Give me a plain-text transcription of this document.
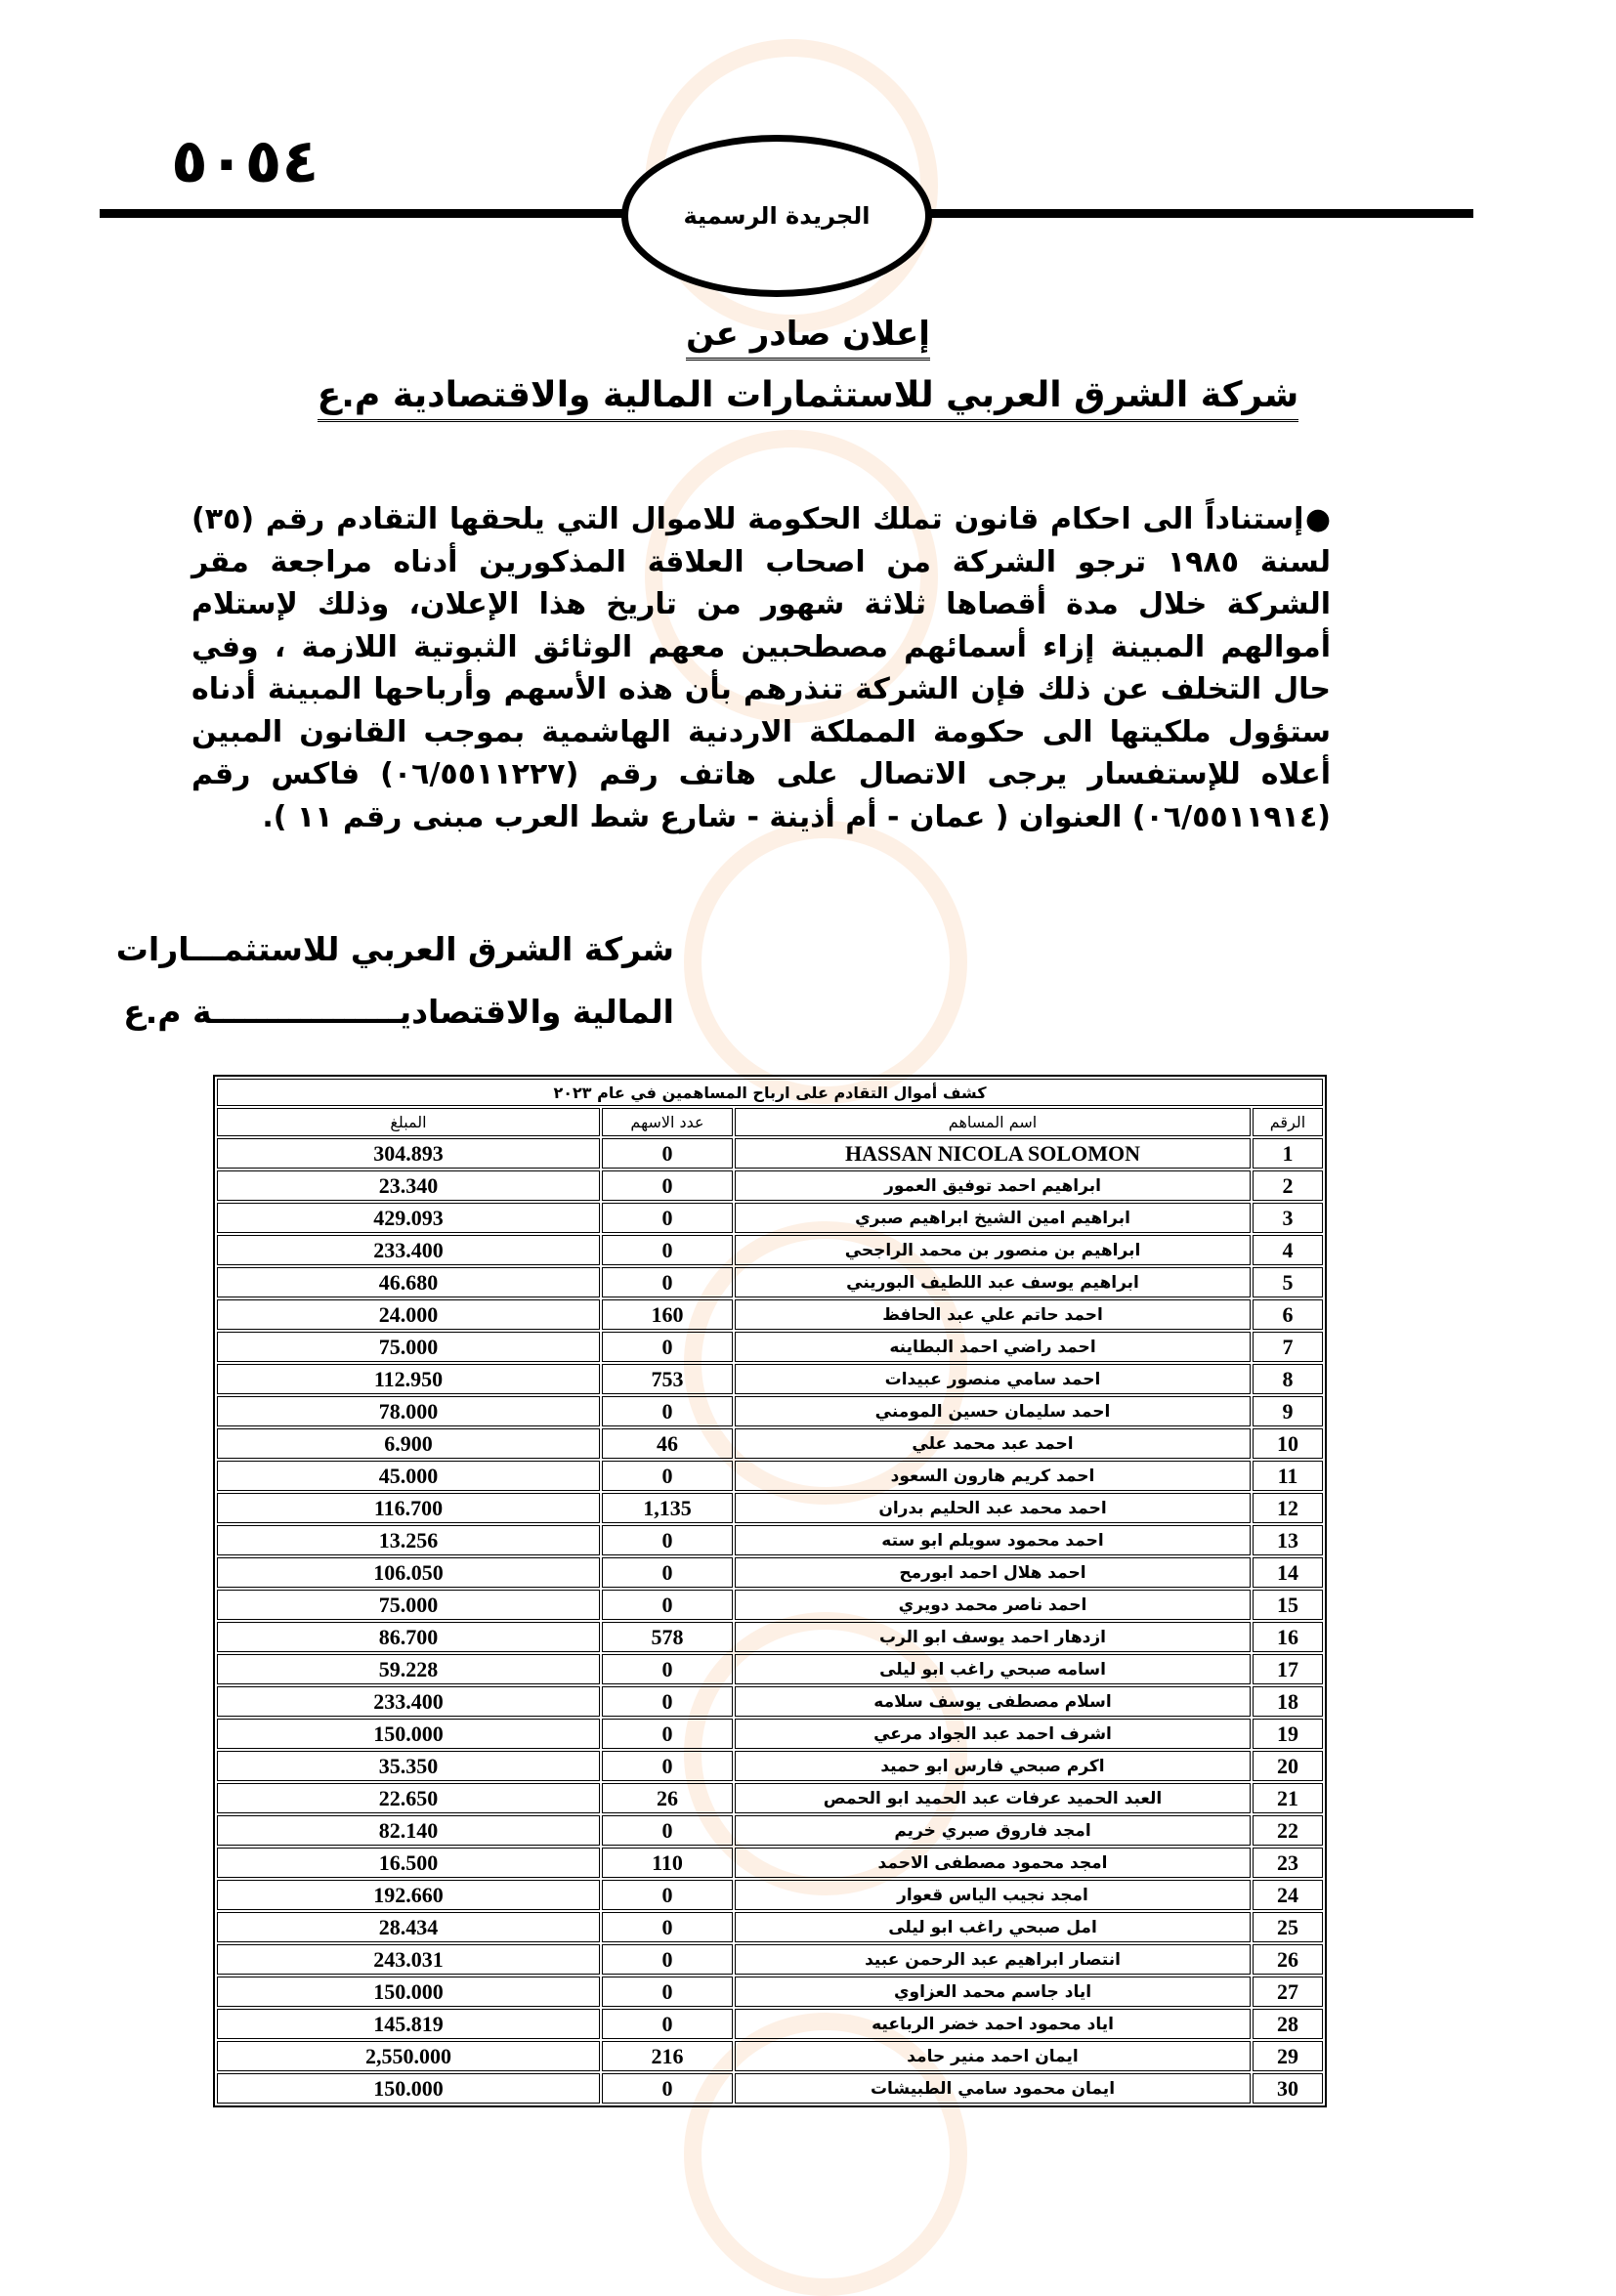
٥٠٥٤
الجريدة الرسمية
إعلان صادر عن
شركة الشرق العربي للاستثمارات المالية والاقتصادية م.ع
●إستناداً الى احكام قانون تملك الحكومة للاموال التي يلحقها التقادم رقم (٣٥) لسنة ١٩٨٥ ترجو الشركة من اصحاب العلاقة المذكورين أدناه مراجعة مقر الشركة خلال مدة أقصاها ثلاثة شهور من تاريخ هذا الإعلان، وذلك لإستلام أموالهم المبينة إزاء أسمائهم مصطحبين معهم الوثائق الثبوتية اللازمة ، وفي حال التخلف عن ذلك فإن الشركة تنذرهم بأن هذه الأسهم وأرباحها المبينة أدناه ستؤول ملكيتها الى حكومة المملكة الاردنية الهاشمية بموجب القانون المبين أعلاه للإستفسار يرجى الاتصال على هاتف رقم (٠٦/٥٥١١٢٢٧) فاكس رقم (٠٦/٥٥١١٩١٤) العنوان ( عمان - أم أذينة - شارع شط العرب مبنى رقم ١١ ).
شركة الشرق العربي للاستثمـــارات
المالية والاقتصاديـــــــــــــــــة م.ع
كشف أموال التقادم على ارباح المساهمين في عام ٢٠٢٣			
الرقم	اسم المساهم	عدد الاسهم	المبلغ
1	HASSAN NICOLA SOLOMON	0	304.893
2	ابراهيم احمد توفيق العمور	0	23.340
3	ابراهيم امين الشيخ ابراهيم صبري	0	429.093
4	ابراهيم بن منصور بن محمد الراجحي	0	233.400
5	ابراهيم يوسف عبد اللطيف البوريني	0	46.680
6	احمد حاتم علي عبد الحافظ	160	24.000
7	احمد راضي احمد البطاينه	0	75.000
8	احمد سامي منصور عبيدات	753	112.950
9	احمد سليمان حسين المومني	0	78.000
10	احمد عبد محمد علي	46	6.900
11	احمد كريم هارون السعود	0	45.000
12	احمد محمد عبد الحليم بدران	1,135	116.700
13	احمد محمود سويلم ابو سته	0	13.256
14	احمد هلال احمد ابورمح	0	106.050
15	احمد ناصر محمد دويري	0	75.000
16	ازدهار احمد يوسف ابو الرب	578	86.700
17	اسامه صبحي راغب ابو ليلى	0	59.228
18	اسلام مصطفى يوسف سلامه	0	233.400
19	اشرف احمد عبد الجواد مرعي	0	150.000
20	اكرم صبحي فارس ابو حميد	0	35.350
21	العبد الحميد عرفات عبد الحميد ابو الحمص	26	22.650
22	امجد فاروق صبري خريم	0	82.140
23	امجد محمود مصطفى الاحمد	110	16.500
24	امجد نجيب الياس قعوار	0	192.660
25	امل صبحي راغب ابو ليلى	0	28.434
26	انتصار ابراهيم عبد الرحمن عبيد	0	243.031
27	اياد جاسم محمد العزاوي	0	150.000
28	اياد محمود احمد خضر الرباعيه	0	145.819
29	ايمان احمد منير حامد	216	2,550.000
30	ايمان محمود سامي الطبيشات	0	150.000
